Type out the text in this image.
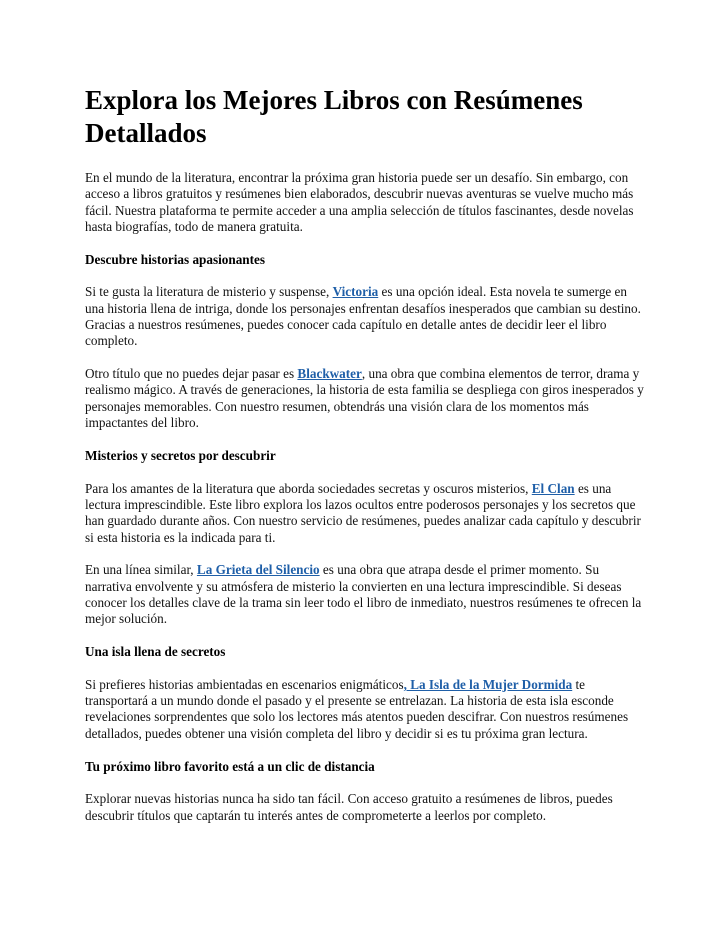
Explora los Mejores Libros con Resúmenes Detallados

En el mundo de la literatura, encontrar la próxima gran historia puede ser un desafío. Sin embargo, con acceso a libros gratuitos y resúmenes bien elaborados, descubrir nuevas aventuras se vuelve mucho más fácil. Nuestra plataforma te permite acceder a una amplia selección de títulos fascinantes, desde novelas hasta biografías, todo de manera gratuita.

Descubre historias apasionantes

Si te gusta la literatura de misterio y suspense, Victoria es una opción ideal. Esta novela te sumerge en una historia llena de intriga, donde los personajes enfrentan desafíos inesperados que cambian su destino. Gracias a nuestros resúmenes, puedes conocer cada capítulo en detalle antes de decidir leer el libro completo.

Otro título que no puedes dejar pasar es Blackwater, una obra que combina elementos de terror, drama y realismo mágico. A través de generaciones, la historia de esta familia se despliega con giros inesperados y personajes memorables. Con nuestro resumen, obtendrás una visión clara de los momentos más impactantes del libro.

Misterios y secretos por descubrir

Para los amantes de la literatura que aborda sociedades secretas y oscuros misterios, El Clan es una lectura imprescindible. Este libro explora los lazos ocultos entre poderosos personajes y los secretos que han guardado durante años. Con nuestro servicio de resúmenes, puedes analizar cada capítulo y descubrir si esta historia es la indicada para ti.

En una línea similar, La Grieta del Silencio es una obra que atrapa desde el primer momento. Su narrativa envolvente y su atmósfera de misterio la convierten en una lectura imprescindible. Si deseas conocer los detalles clave de la trama sin leer todo el libro de inmediato, nuestros resúmenes te ofrecen la mejor solución.

Una isla llena de secretos

Si prefieres historias ambientadas en escenarios enigmáticos, La Isla de la Mujer Dormida te transportará a un mundo donde el pasado y el presente se entrelazan. La historia de esta isla esconde revelaciones sorprendentes que solo los lectores más atentos pueden descifrar. Con nuestros resúmenes detallados, puedes obtener una visión completa del libro y decidir si es tu próxima gran lectura.

Tu próximo libro favorito está a un clic de distancia

Explorar nuevas historias nunca ha sido tan fácil. Con acceso gratuito a resúmenes de libros, puedes descubrir títulos que captarán tu interés antes de comprometerte a leerlos por completo.
